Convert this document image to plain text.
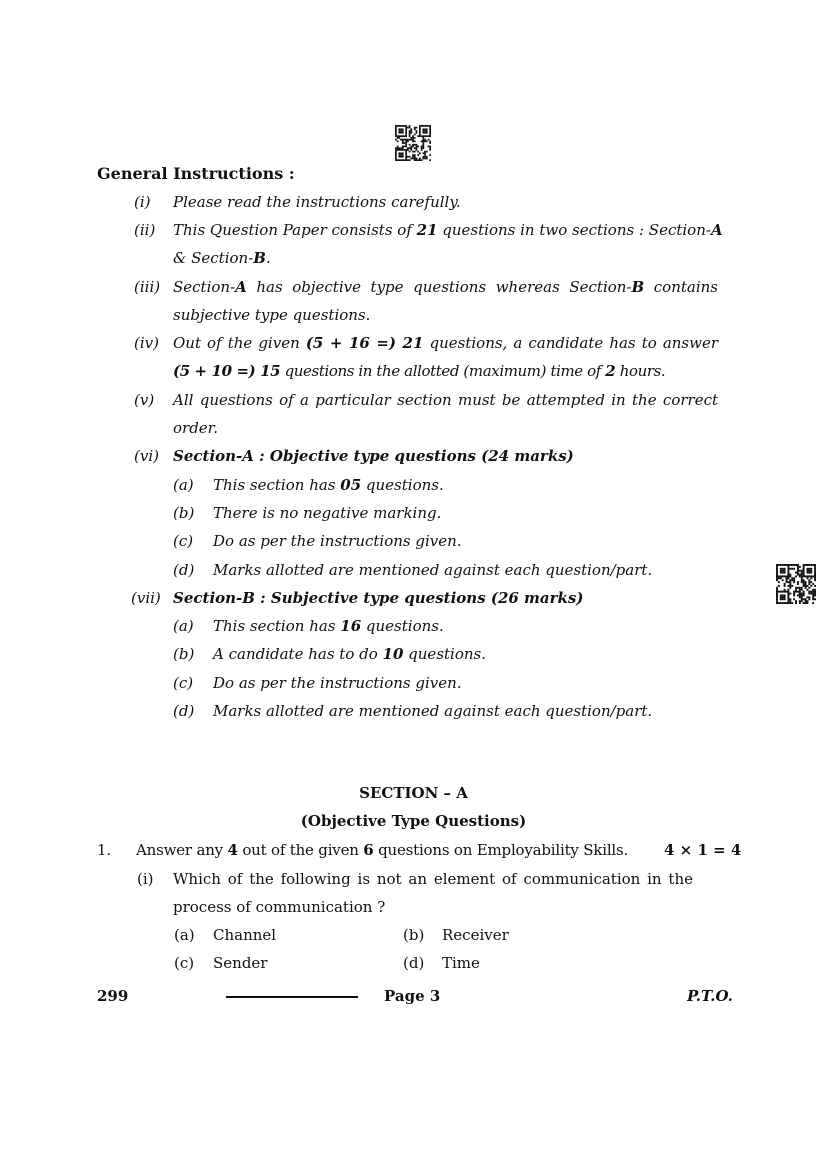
General Instructions :
(i) Please read the instructions carefully.
(ii) This Question Paper consists of 21 questions in two sections : Section-A
& Section-B.
(iii) Section-A has objective type questions whereas Section-B contains
subjective type questions.
(iv) Out of the given (5 + 16 =) 21 questions, a candidate has to answer
(5 + 10 =) 15 questions in the allotted (maximum) time of 2 hours.
(v) All questions of a particular section must be attempted in the correct
order.
(vi) Section-A : Objective type questions (24 marks)
(a) This section has 05 questions.
(b) There is no negative marking.
(c) Do as per the instructions given.
(d) Marks allotted are mentioned against each question/part.
(vii) Section-B : Subjective type questions (26 marks)
(a) This section has 16 questions.
(b) A candidate has to do 10 questions.
(c) Do as per the instructions given.
(d) Marks allotted are mentioned against each question/part.
SECTION – A
(Objective Type Questions)
1. Answer any 4 out of the given 6 questions on Employability Skills. 4 × 1 = 4
(i) Which of the following is not an element of communication in the
process of communication ?
(a) Channel	(b) Receiver
(c) Sender	(d) Time
299	Page 3	P.T.O.
